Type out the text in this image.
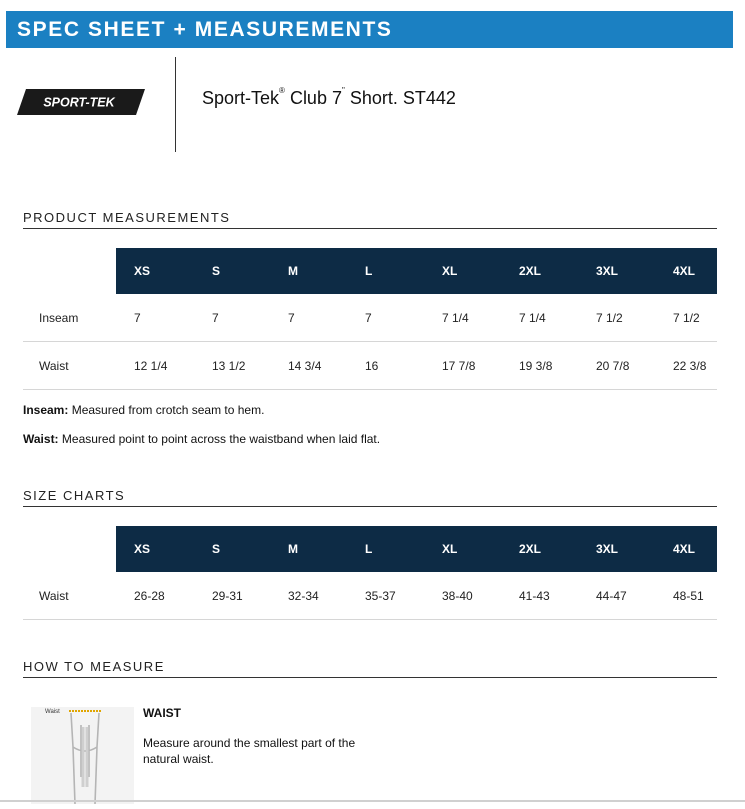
SPEC SHEET + MEASUREMENTS
SPORT-TEK	Sport-Tek® Club 7" Short. ST442
PRODUCT MEASUREMENTS
	XS	S	M	L	XL	2XL	3XL	4XL
Inseam	7	7	7	7	7 1/4	7 1/4	7 1/2	7 1/2
Waist	12 1/4	13 1/2	14 3/4	16	17 7/8	19 3/8	20 7/8	22 3/8
Inseam: Measured from crotch seam to hem.
Waist: Measured point to point across the waistband when laid flat.
SIZE CHARTS
	XS	S	M	L	XL	2XL	3XL	4XL
Waist	26-28	29-31	32-34	35-37	38-40	41-43	44-47	48-51
HOW TO MEASURE
Waist	WAIST
Measure around the smallest part of the natural waist.
